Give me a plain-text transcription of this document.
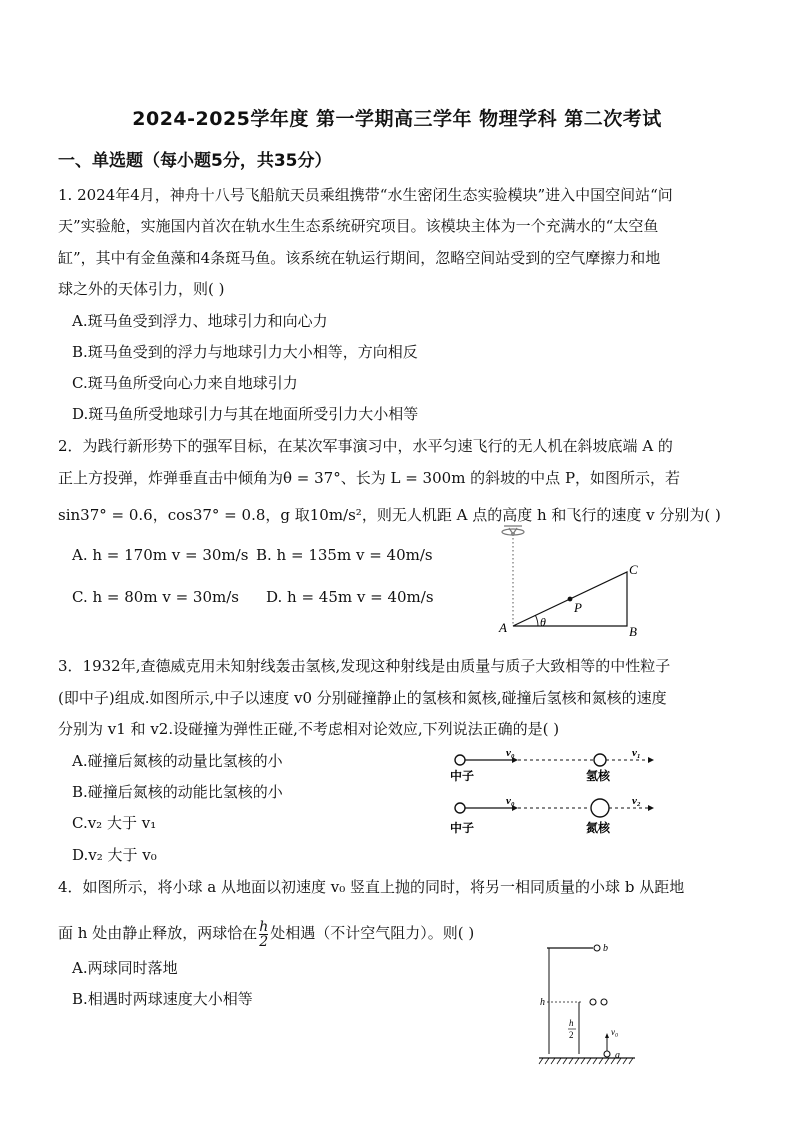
2024-2025学年度 第一学期高三学年 物理学科 第二次考试
一、单选题（每小题5分，共35分）
1. 2024年4月，神舟十八号飞船航天员乘组携带“水生密闭生态实验模块”进入中国空间站“问
天”实验舱，实施国内首次在轨水生生态系统研究项目。该模块主体为一个充满水的“太空鱼
缸”，其中有金鱼藻和4条斑马鱼。该系统在轨运行期间，忽略空间站受到的空气摩擦力和地
球之外的天体引力，则( )
A.斑马鱼受到浮力、地球引力和向心力
B.斑马鱼受到的浮力与地球引力大小相等，方向相反
C.斑马鱼所受向心力来自地球引力
D.斑马鱼所受地球引力与其在地面所受引力大小相等
2．为践行新形势下的强军目标，在某次军事演习中，水平匀速飞行的无人机在斜坡底端 A 的
正上方投弹，炸弹垂直击中倾角为θ = 37°、长为 L = 300m 的斜坡的中点 P，如图所示，若
sin37° = 0.6，cos37° = 0.8，g 取10m/s²，则无人机距 A 点的高度 h 和飞行的速度 v 分别为( )
A. h = 170m v = 30m/s B. h = 135m v = 40m/s
C. h = 80m v = 30m/s D. h = 45m v = 40m/s
A	B
C
P
θ
3．1932年,查德威克用未知射线轰击氢核,发现这种射线是由质量与质子大致相等的中性粒子
(即中子)组成.如图所示,中子以速度 v0 分别碰撞静止的氢核和氮核,碰撞后氢核和氮核的速度
分别为 v1 和 v2.设碰撞为弹性正碰,不考虑相对论效应,下列说法正确的是( )
A.碰撞后氮核的动量比氢核的小
B.碰撞后氮核的动能比氢核的小
C.v₂ 大于 v₁
D.v₂ 大于 v₀
v₀	v₁
中子	氢核
v₀	v₂
中子	氮核
4．如图所示，将小球 a 从地面以初速度 v₀ 竖直上抛的同时，将另一相同质量的小球 b 从距地
面 h 处由静止释放，两球恰在 $\frac{h}{2}$ 处相遇（不计空气阻力）。则( )
A.两球同时落地
B.相遇时两球速度大小相等
b
h
h
2	v₀
a
